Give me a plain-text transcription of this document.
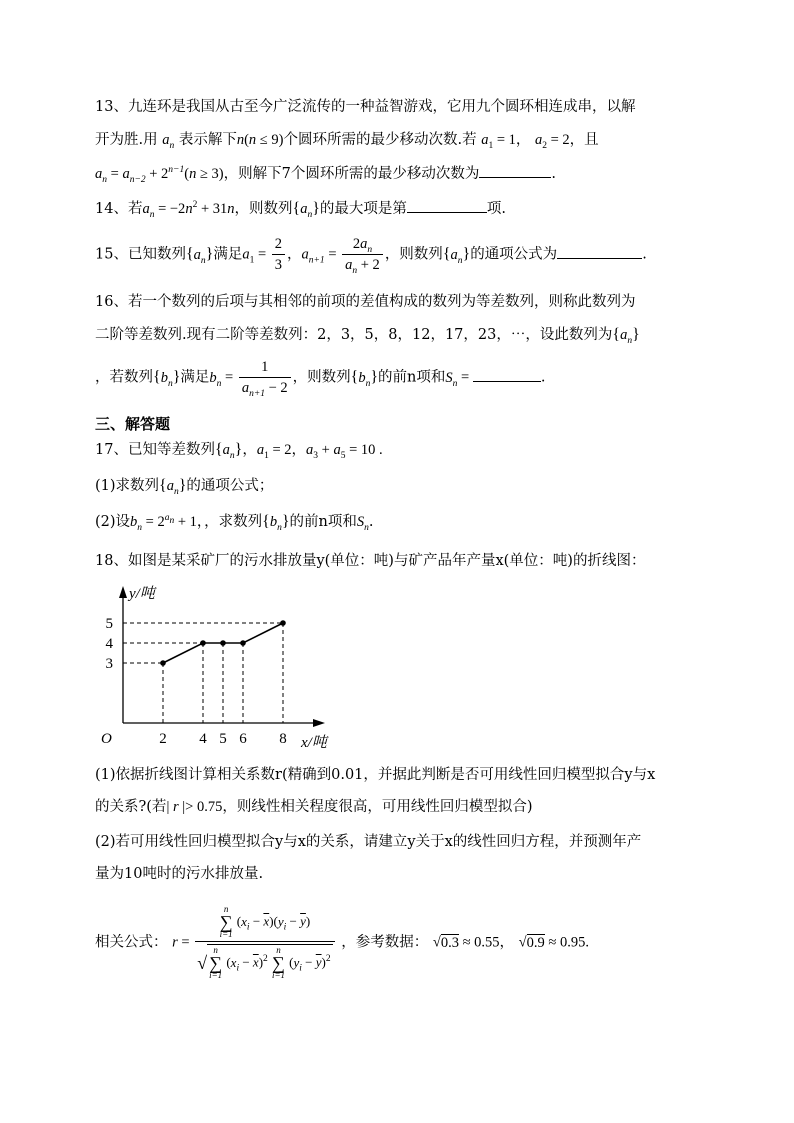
13、九连环是我国从古至今广泛流传的一种益智游戏，它用九个圆环相连成串，以解
开为胜.用 $a_n$ 表示解下n(n ≤ 9)个圆环所需的最少移动次数.若 $a_1 = 1$， $a_2 = 2$，且
$a_n = a_{n-2} + 2^{n-1}(n \ge 3)$，则解下7个圆环所需的最少移动次数为	.
14、若$a_n = -2n^2 + 31n$，则数列$\{a_n\}$的最大项是第	项.
15、已知数列$\{a_n\}$满足$a_1 = \frac{2}{3}$ ，$a_{n+1} = \frac{2a_n}{a_n + 2}$ ，则数列$\{a_n\}$的通项公式为	.
16、若一个数列的后项与其相邻的前项的差值构成的数列为等差数列，则称此数列为
二阶等差数列.现有二阶等差数列：2，3，5，8，12，17，23，⋯，设此数列为$\{a_n\}$
，若数列$\{b_n\}$满足$b_n = \frac{1}{a_{n+1} - 2}$ ，则数列$\{b_n\}$的前n项和$S_n$ =	.
三、解答题
17、已知等差数列$\{a_n\}$，$a_1 = 2$，$a_3 + a_5 = 10$ .
(1)求数列$\{a_n\}$的通项公式；
(2)设$b_n = 2^{a_n} + 1$，，求数列$\{b_n\}$的前n项和$S_n$.
18、如图是某采矿厂的污水排放量y(单位：吨)与矿产品年产量x(单位：吨)的折线图：
2 4 5 6 8
3
4
5
O	x/吨
y/吨
(1)依据折线图计算相关系数r(精确到0.01，并据此判断是否可用线性回归模型拟合y与x
的关系?(若| r |> 0.75，则线性相关程度很高，可用线性回归模型拟合)
(2)若可用线性回归模型拟合y与x的关系，请建立y关于x的线性回归方程，并预测年产
量为10吨时的污水排放量.
相关公式： r =
n
∑
i=1
$(x_i - \overline{x})(y_i - \overline{y})$
√
n
∑
i=1
$(x_i - \overline{x})^2$
n
∑
i=1
$(y_i - \overline{y})^2$
，参考数据： √0.3 ≈ 0.55， √0.9 ≈ 0.95.
